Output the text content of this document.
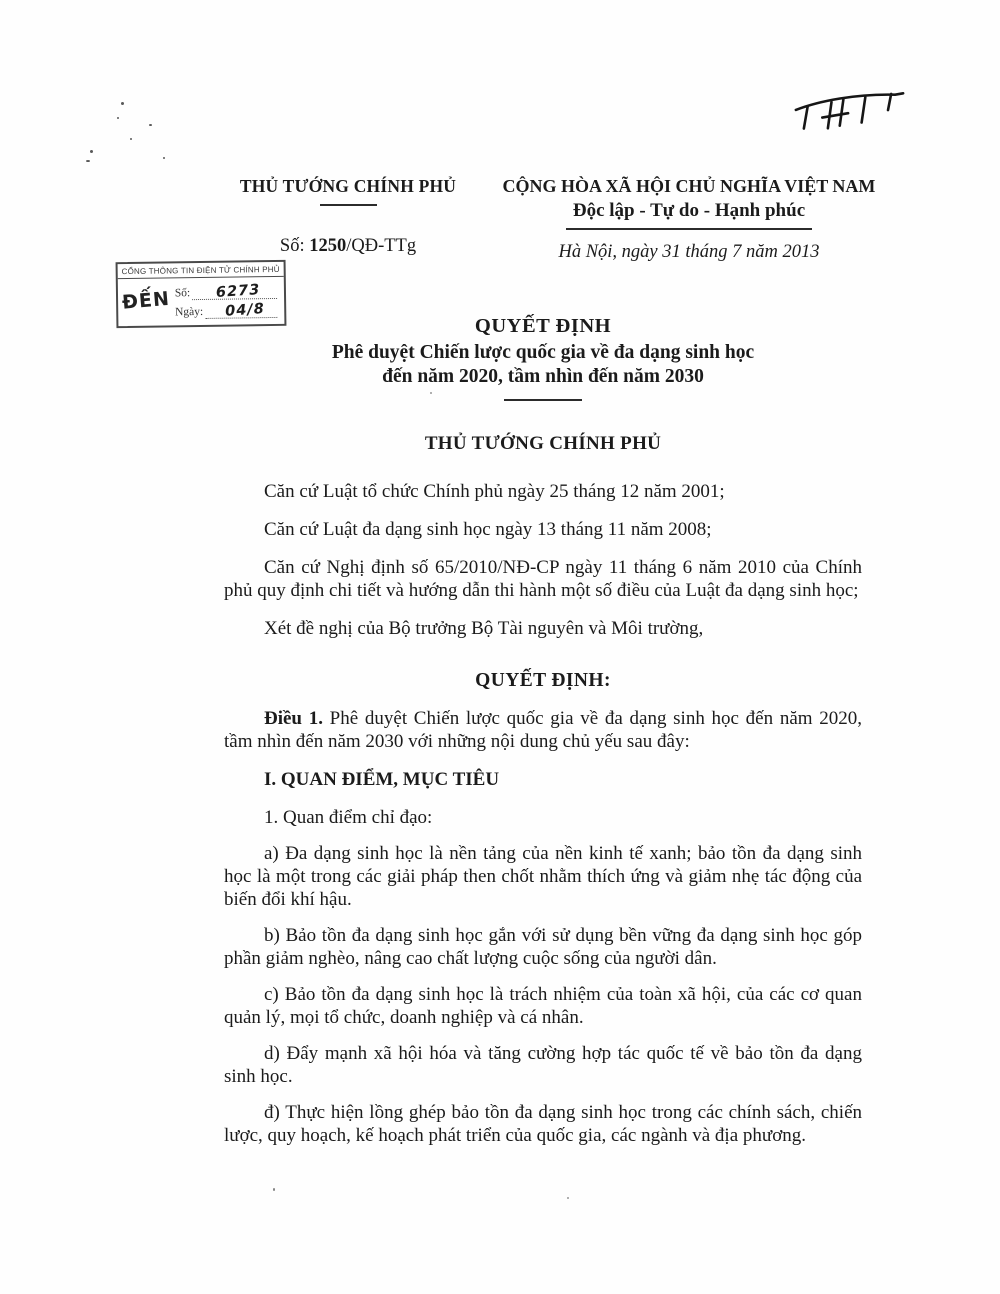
THỦ TƯỚNG CHÍNH PHỦ
Số: 1250/QĐ-TTg
CỘNG HÒA XÃ HỘI CHỦ NGHĨA VIỆT NAM
Độc lập - Tự do - Hạnh phúc
Hà Nội, ngày 31 tháng 7 năm 2013
CỔNG THÔNG TIN ĐIỆN TỬ CHÍNH PHỦ
ĐẾN Số: 6273
Ngày: 04/8
QUYẾT ĐỊNH
Phê duyệt Chiến lược quốc gia về đa dạng sinh học
đến năm 2020, tầm nhìn đến năm 2030
THỦ TƯỚNG CHÍNH PHỦ

Căn cứ Luật tổ chức Chính phủ ngày 25 tháng 12 năm 2001;

Căn cứ Luật đa dạng sinh học ngày 13 tháng 11 năm 2008;

Căn cứ Nghị định số 65/2010/NĐ-CP ngày 11 tháng 6 năm 2010 của Chính phủ quy định chi tiết và hướng dẫn thi hành một số điều của Luật đa dạng sinh học;

Xét đề nghị của Bộ trưởng Bộ Tài nguyên và Môi trường,

QUYẾT ĐỊNH:

Điều 1. Phê duyệt Chiến lược quốc gia về đa dạng sinh học đến năm 2020, tầm nhìn đến năm 2030 với những nội dung chủ yếu sau đây:

I. QUAN ĐIỂM, MỤC TIÊU

1. Quan điểm chỉ đạo:

a) Đa dạng sinh học là nền tảng của nền kinh tế xanh; bảo tồn đa dạng sinh học là một trong các giải pháp then chốt nhằm thích ứng và giảm nhẹ tác động của biến đổi khí hậu.

b) Bảo tồn đa dạng sinh học gắn với sử dụng bền vững đa dạng sinh học góp phần giảm nghèo, nâng cao chất lượng cuộc sống của người dân.

c) Bảo tồn đa dạng sinh học là trách nhiệm của toàn xã hội, của các cơ quan quản lý, mọi tổ chức, doanh nghiệp và cá nhân.

d) Đẩy mạnh xã hội hóa và tăng cường hợp tác quốc tế về bảo tồn đa dạng sinh học.

đ) Thực hiện lồng ghép bảo tồn đa dạng sinh học trong các chính sách, chiến lược, quy hoạch, kế hoạch phát triển của quốc gia, các ngành và địa phương.
